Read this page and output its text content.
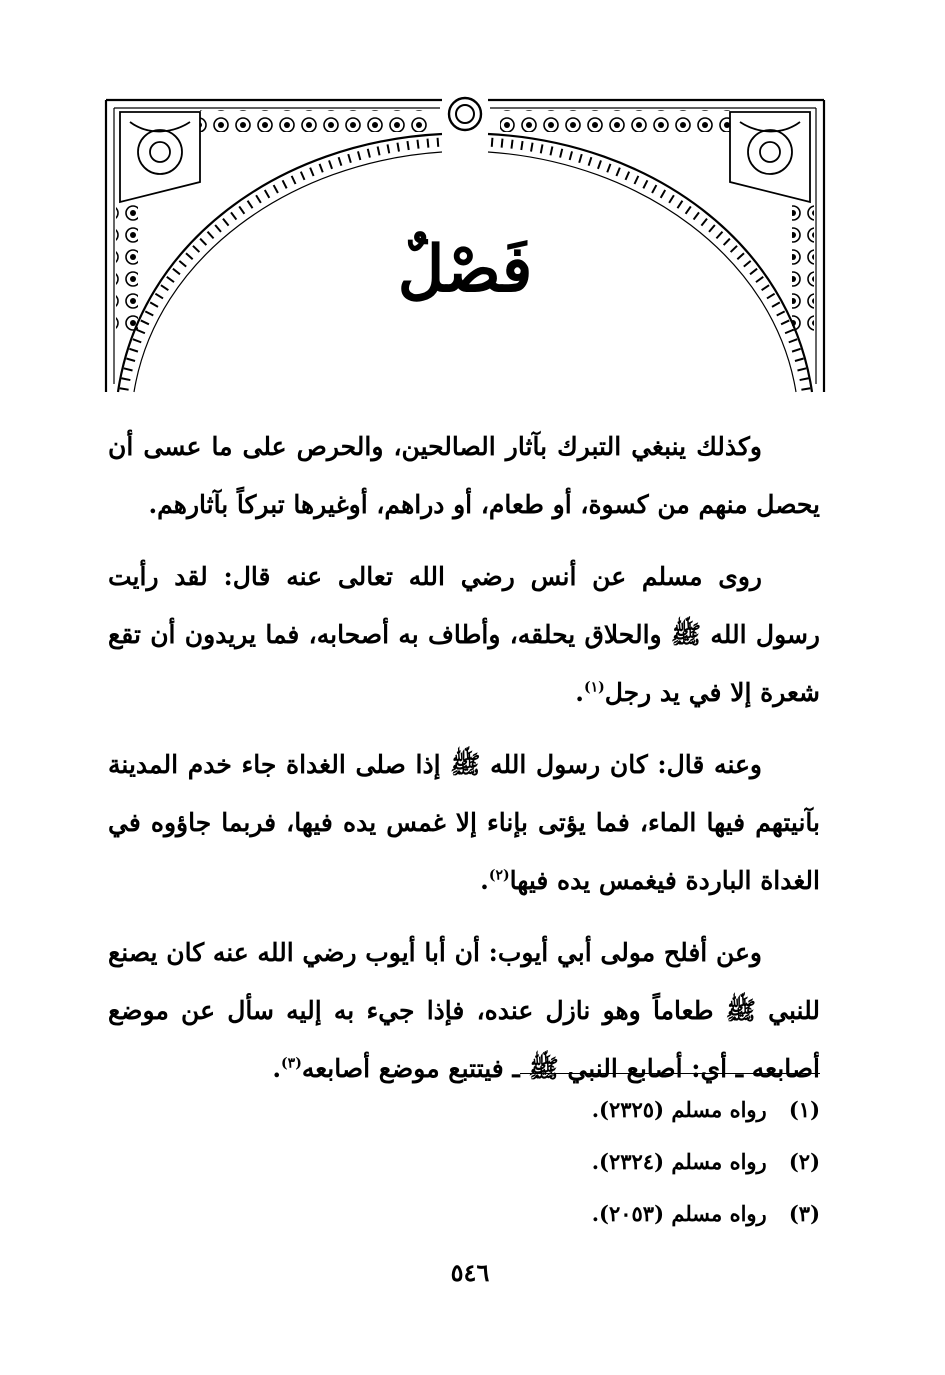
فَصْلٌ

وكذلك ينبغي التبرك بآثار الصالحين، والحرص على ما عسى أن يحصل منهم من كسوة، أو طعام، أو دراهم، أوغيرها تبركاً بآثارهم.

روى مسلم عن أنس رضي الله تعالى عنه قال: لقد رأيت رسول الله ﷺ والحلاق يحلقه، وأطاف به أصحابه، فما يريدون أن تقع شعرة إلا في يد رجل$^{(١)}$.

وعنه قال: كان رسول الله ﷺ إذا صلى الغداة جاء خدم المدينة بآنيتهم فيها الماء، فما يؤتى بإناء إلا غمس يده فيها، فربما جاؤوه في الغداة الباردة فيغمس يده فيها$^{(٢)}$.

وعن أفلح مولى أبي أيوب: أن أبا أيوب رضي الله عنه كان يصنع للنبي ﷺ طعاماً وهو نازل عنده، فإذا جيء به إليه سأل عن موضع أصابعه ـ أي: أصابع النبي ﷺ ـ فيتتبع موضع أصابعه$^{(٣)}$.

(١) رواه مسلم (٢٣٢٥).
(٢) رواه مسلم (٢٣٢٤).
(٣) رواه مسلم (٢٠٥٣).
٥٤٦
